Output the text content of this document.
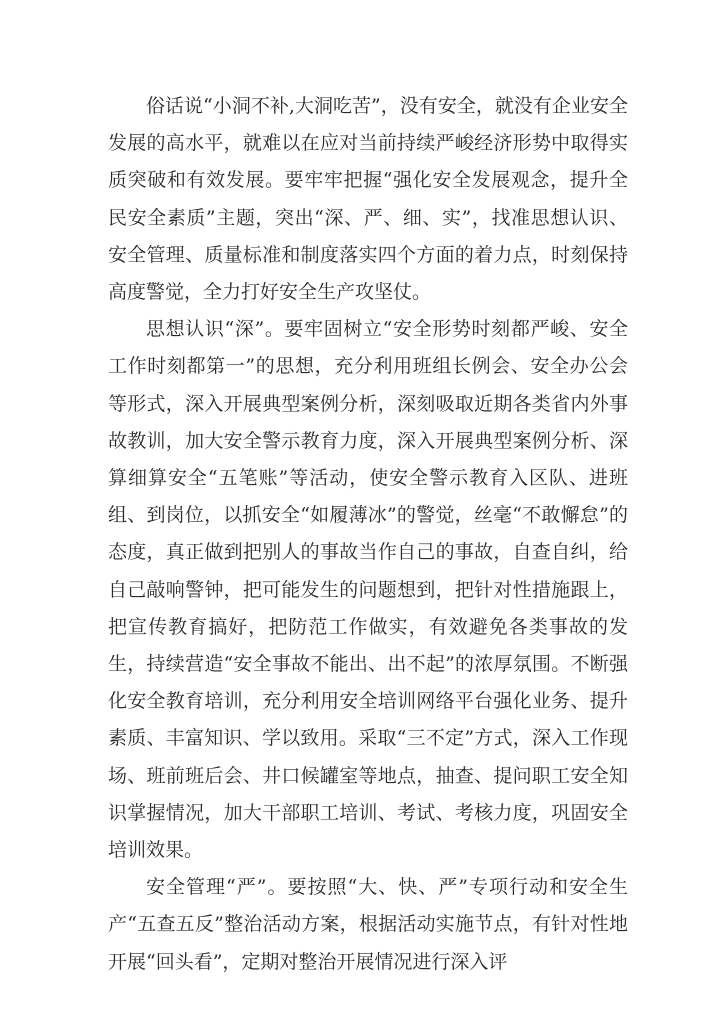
俗话说“小洞不补,大洞吃苦”，没有安全，就没有企业安全发展的高水平，就难以在应对当前持续严峻经济形势中取得实质突破和有效发展。要牢牢把握“强化安全发展观念，提升全民安全素质”主题，突出“深、严、细、实”，找准思想认识、安全管理、质量标准和制度落实四个方面的着力点，时刻保持高度警觉，全力打好安全生产攻坚仗。

思想认识“深”。要牢固树立“安全形势时刻都严峻、安全工作时刻都第一”的思想，充分利用班组长例会、安全办公会等形式，深入开展典型案例分析，深刻吸取近期各类省内外事故教训，加大安全警示教育力度，深入开展典型案例分析、深算细算安全“五笔账”等活动，使安全警示教育入区队、进班组、到岗位，以抓安全“如履薄冰”的警觉，丝毫“不敢懈怠”的态度，真正做到把别人的事故当作自己的事故，自查自纠，给自己敲响警钟，把可能发生的问题想到，把针对性措施跟上，把宣传教育搞好，把防范工作做实，有效避免各类事故的发生，持续营造“安全事故不能出、出不起”的浓厚氛围。不断强化安全教育培训，充分利用安全培训网络平台强化业务、提升素质、丰富知识、学以致用。采取“三不定”方式，深入工作现场、班前班后会、井口候罐室等地点，抽查、提问职工安全知识掌握情况，加大干部职工培训、考试、考核力度，巩固安全培训效果。

安全管理“严”。要按照“大、快、严”专项行动和安全生产“五查五反”整治活动方案，根据活动实施节点，有针对性地开展“回头看”，定期对整治开展情况进行深入评
